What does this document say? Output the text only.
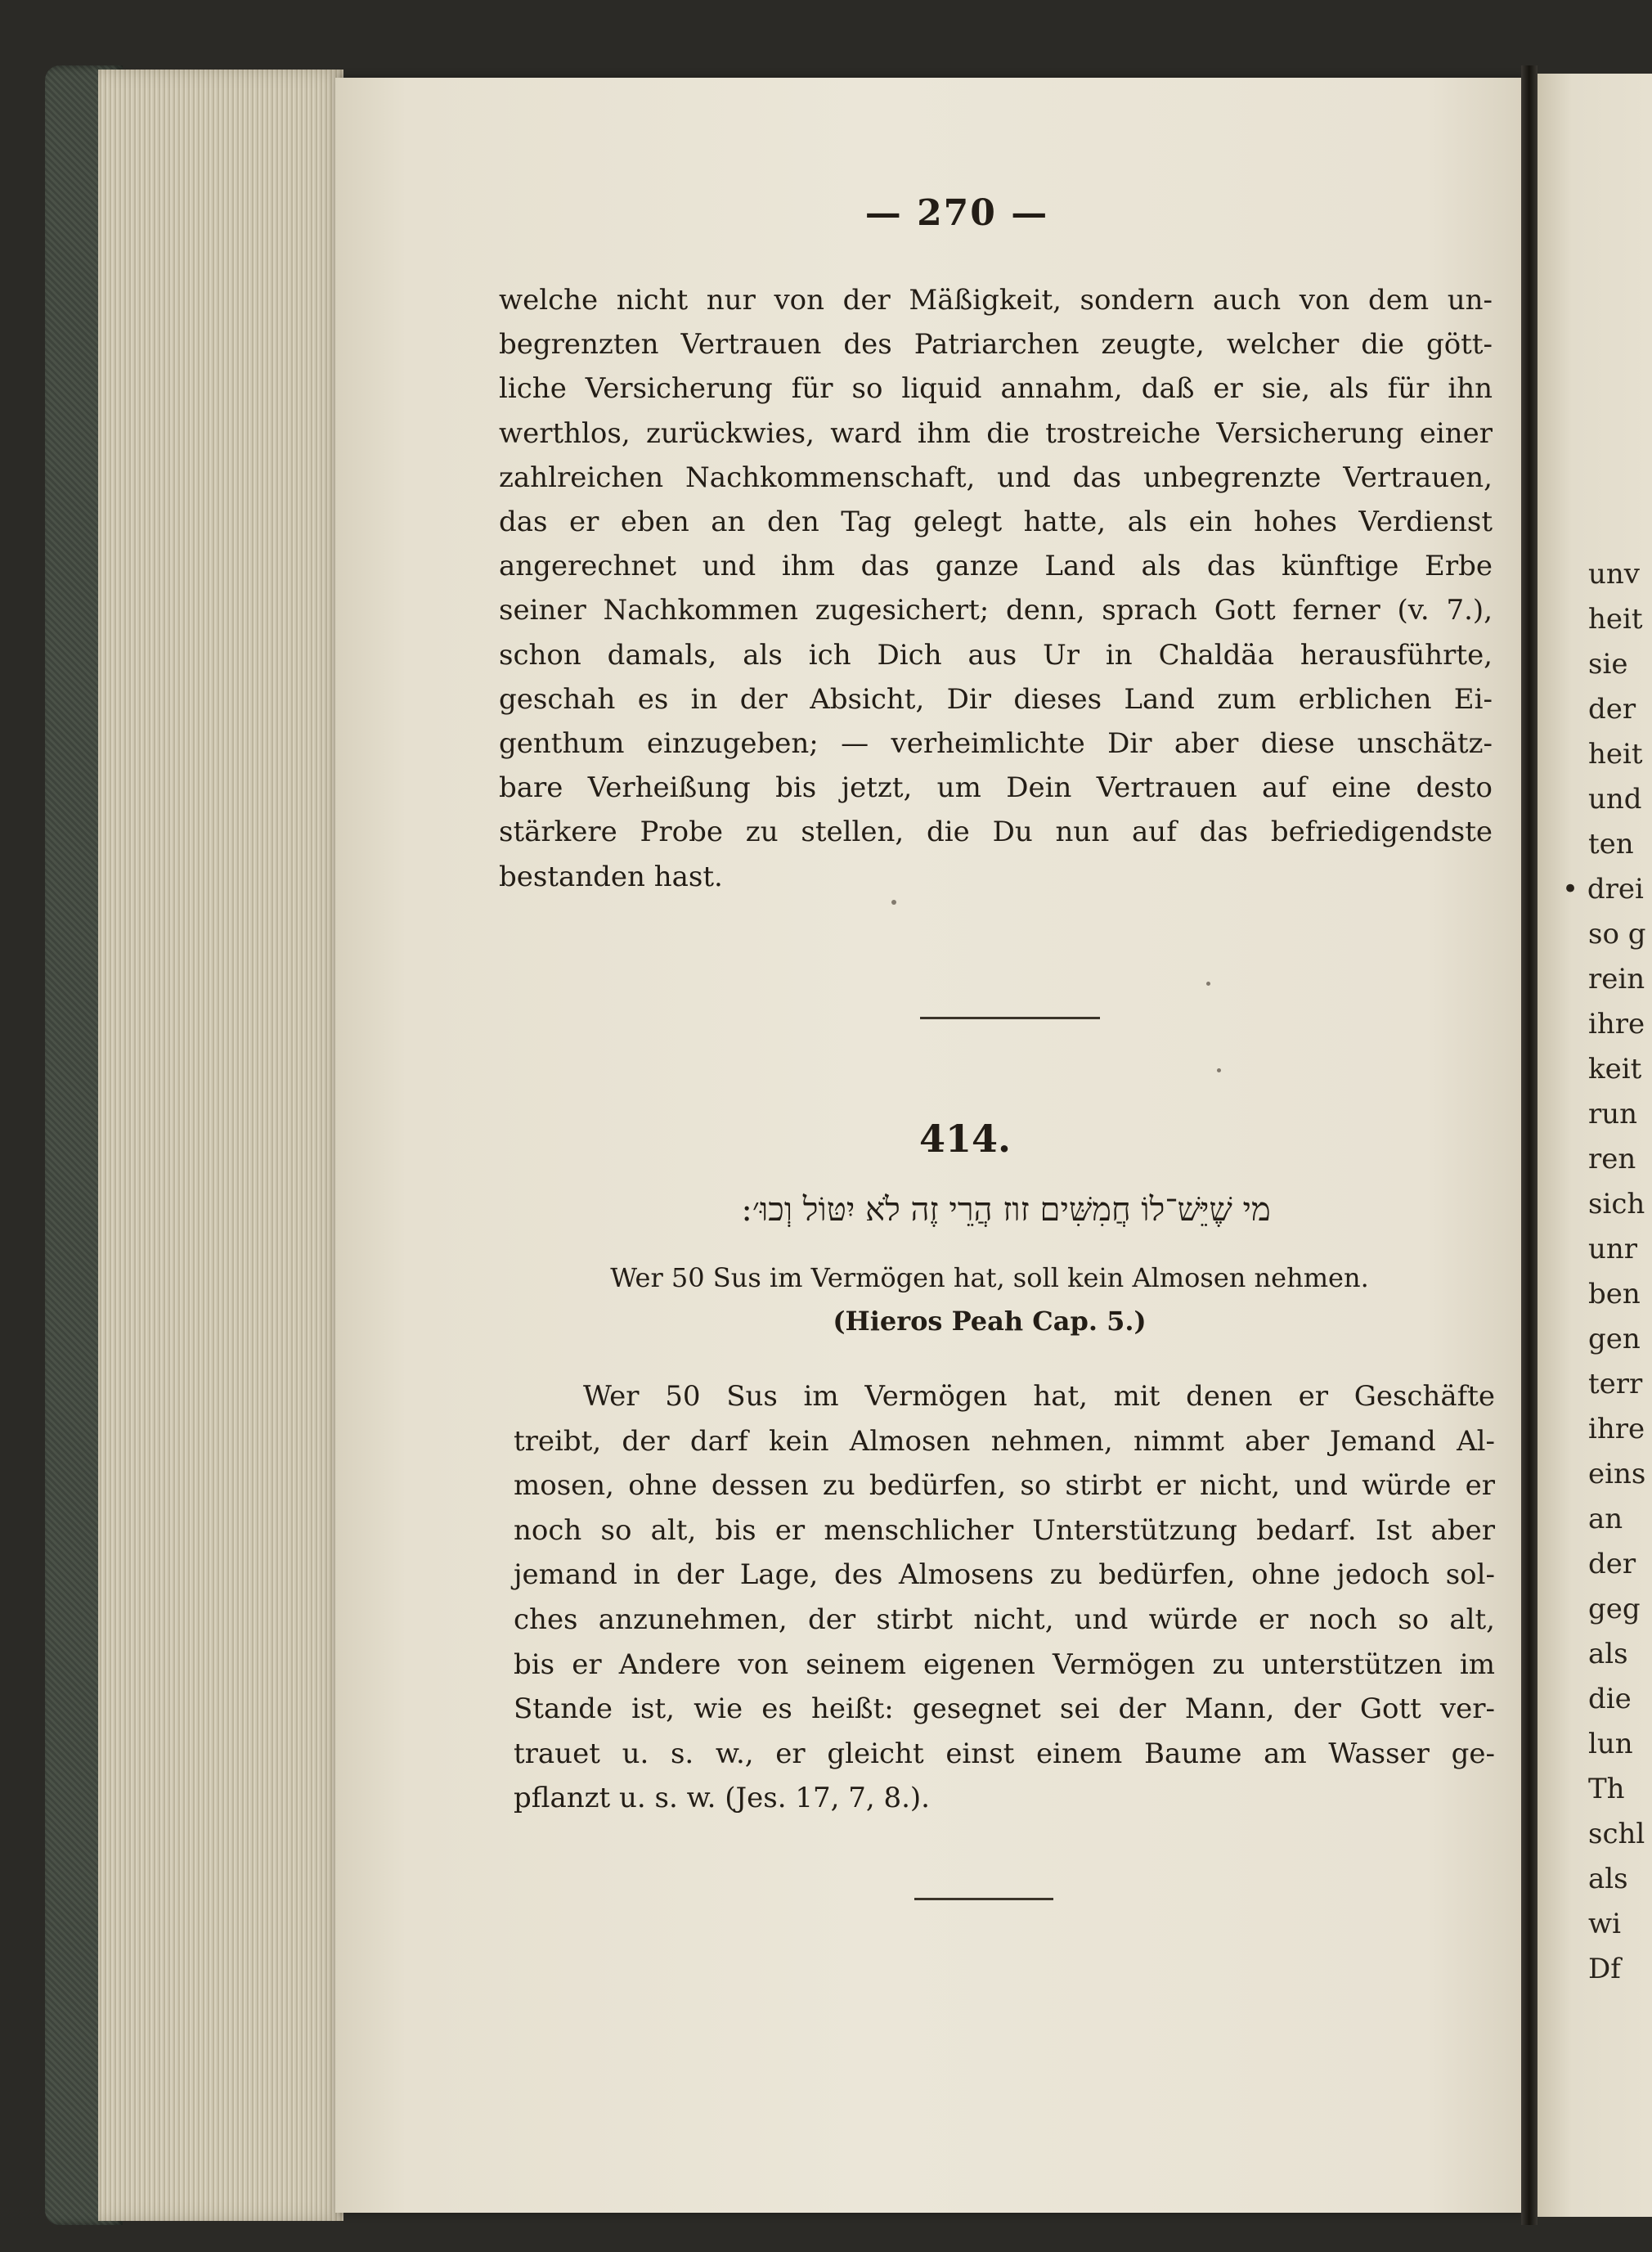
— 270 —
welche nicht nur von der Mäßigkeit, sondern auch von dem un-
begrenzten Vertrauen des Patriarchen zeugte, welcher die gött-
liche Versicherung für so liquid annahm, daß er sie, als für ihn
werthlos, zurückwies, ward ihm die trostreiche Versicherung einer
zahlreichen Nachkommenschaft, und das unbegrenzte Vertrauen,
das er eben an den Tag gelegt hatte, als ein hohes Verdienst
angerechnet und ihm das ganze Land als das künftige Erbe
seiner Nachkommen zugesichert; denn, sprach Gott ferner (v. 7.),
schon damals, als ich Dich aus Ur in Chaldäa herausführte,
geschah es in der Absicht, Dir dieses Land zum erblichen Ei-
genthum einzugeben; — verheimlichte Dir aber diese unschätz-
bare Verheißung bis jetzt, um Dein Vertrauen auf eine desto
stärkere Probe zu stellen, die Du nun auf das befriedigendste
bestanden hast.
414.
מי שֶׁיֵּשׁ־לוֹ חֲמִשִּׁים זוז הֲרֵי זֶה לֹא יִטּוֹל וְכוּ׳:
Wer 50 Sus im Vermögen hat, soll kein Almosen nehmen.
(Hieros Peah Cap. 5.)
Wer 50 Sus im Vermögen hat, mit denen er Geschäfte
treibt, der darf kein Almosen nehmen, nimmt aber Jemand Al-
mosen, ohne dessen zu bedürfen, so stirbt er nicht, und würde er
noch so alt, bis er menschlicher Unterstützung bedarf. Ist aber
jemand in der Lage, des Almosens zu bedürfen, ohne jedoch sol-
ches anzunehmen, der stirbt nicht, und würde er noch so alt,
bis er Andere von seinem eigenen Vermögen zu unterstützen im
Stande ist, wie es heißt: gesegnet sei der Mann, der Gott ver-
trauet u. s. w., er gleicht einst einem Baume am Wasser ge-
pflanzt u. s. w. (Jes. 17, 7, 8.).
unv
heit
sie
der
heit
und
ten
• drei
so g
rein
ihre
keit
run
ren
sich
unr
ben
gen
terr
ihre
eins
an
der
geg
als
die
lun
Th
schl
als
wi
Df
